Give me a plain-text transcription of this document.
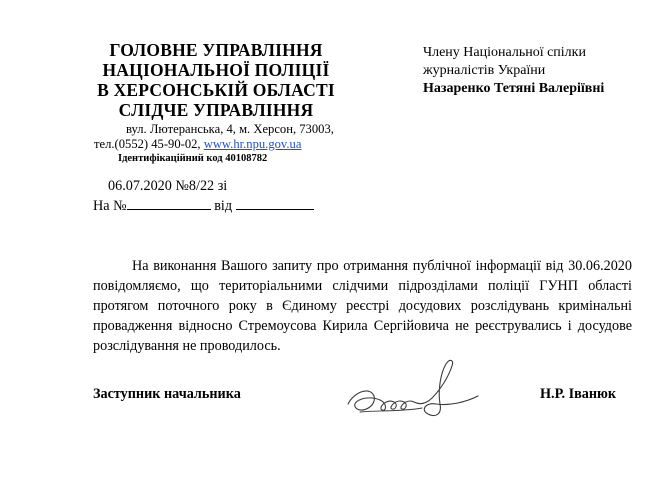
ГОЛОВНЕ УПРАВЛІННЯ
НАЦІОНАЛЬНОЇ ПОЛІЦІЇ
В ХЕРСОНСЬКІЙ ОБЛАСТІ
СЛІДЧЕ УПРАВЛІННЯ
вул. Лютеранська, 4, м. Херсон, 73003,
тел.(0552) 45-90-02, www.hr.npu.gov.ua
Ідентифікаційний код 40108782
06.07.2020 №8/22 зі
На №	від
Члену Національної спілки
журналістів України
Назаренко Тетяні Валеріївні
На виконання Вашого запиту про отримання публічної інформації від 30.06.2020 повідомляємо, що територіальними слідчими підрозділами поліції ГУНП області протягом поточного року в Єдиному реєстрі досудових розслідувань кримінальні провадження відносно Стремоусова Кирила Сергійовича не реєструвались і досудове розслідування не проводилось.
Заступник начальника	Н.Р. Іванюк
